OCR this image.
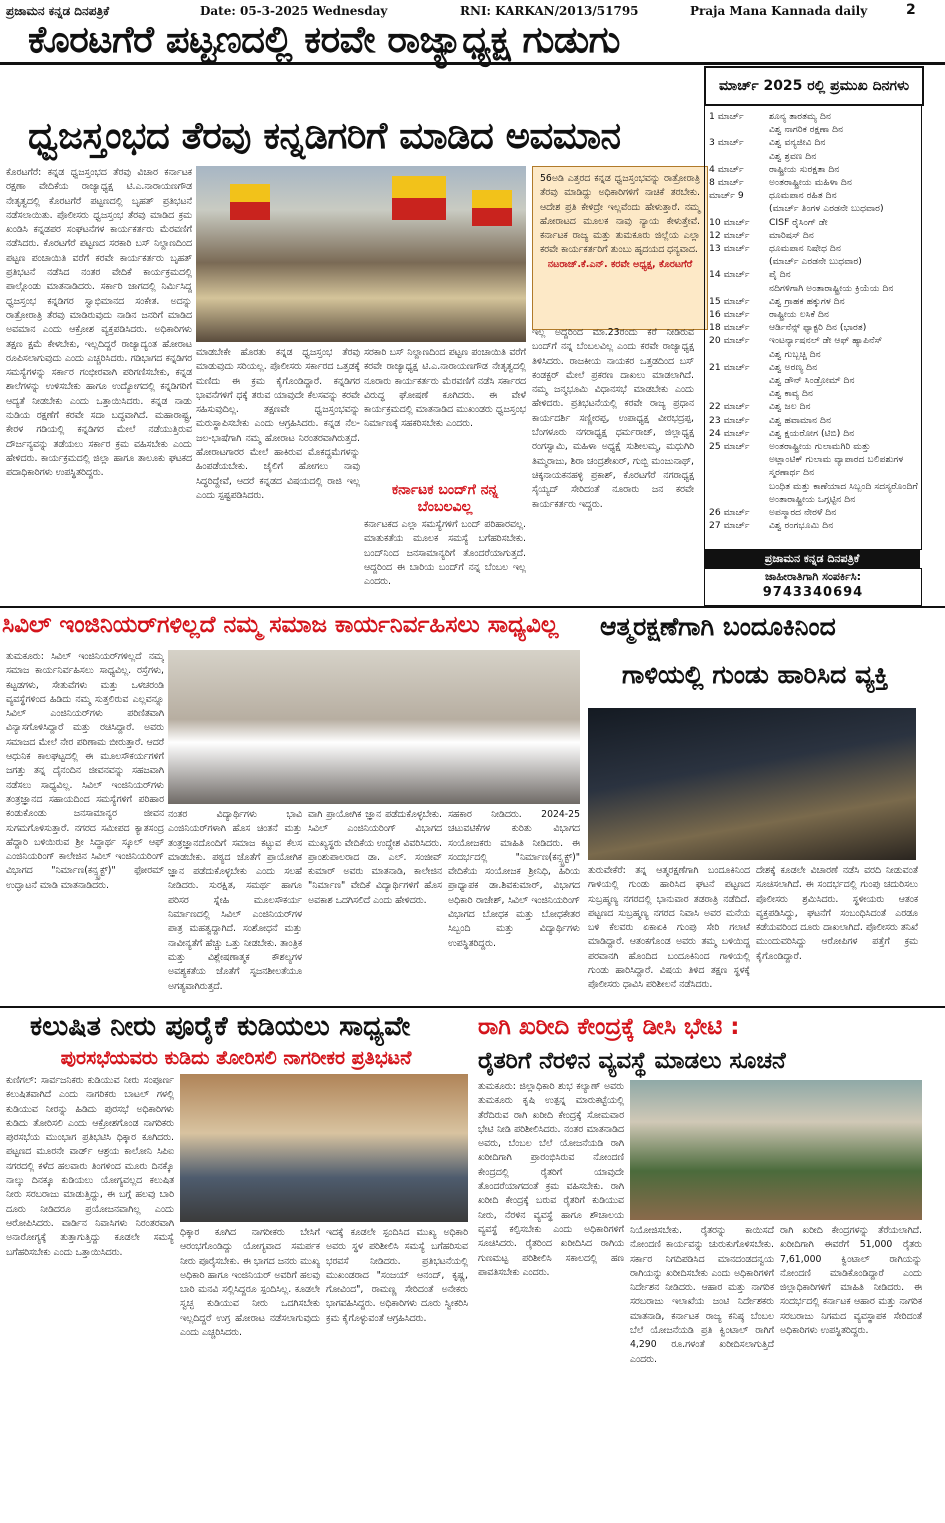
ಪ್ರಜಾಮನ ಕನ್ನಡ ದಿನಪತ್ರಿಕೆ	Date: 05-3-2025 Wednesday	RNI: KARKAN/2013/51795	Praja Mana Kannada daily	2
ಕೊರಟಗೆರೆ ಪಟ್ಟಣದಲ್ಲಿ ಕರವೇ ರಾಜ್ಯಾಧ್ಯಕ್ಷ ಗುಡುಗು
ಧ್ವಜಸ್ತಂಭದ ತೆರವು ಕನ್ನಡಿಗರಿಗೆ ಮಾಡಿದ ಅವಮಾನ
ಕೊರಟಗೆರೆ: ಕನ್ನಡ ಧ್ವಜಸ್ತಂಭದ ತೆರವು ವಿಚಾರ ಕರ್ನಾಟಕ ರಕ್ಷಣಾ ವೇದಿಕೆಯ ರಾಜ್ಯಾಧ್ಯಕ್ಷ ಟಿ.ಎ.ನಾರಾಯಣಗೌಡ ನೇತೃತ್ವದಲ್ಲಿ ಕೊರಟಗೆರೆ ಪಟ್ಟಣದಲ್ಲಿ ಬೃಹತ್ ಪ್ರತಿಭಟನೆ ನಡೆಸಲಾಯಿತು. ಪೊಲೀಸರು ಧ್ವಜಸ್ತಂಭ ತೆರವು ಮಾಡಿದ ಕ್ರಮ ಖಂಡಿಸಿ ಕನ್ನಡಪರ ಸಂಘಟನೆಗಳ ಕಾರ್ಯಕರ್ತರು ಮೆರವಣಿಗೆ ನಡೆಸಿದರು. ಕೊರಟಗೆರೆ ಪಟ್ಟಣದ ಸರಕಾರಿ ಬಸ್ ನಿಲ್ದಾಣದಿಂದ ಪಟ್ಟಣ ಪಂಚಾಯಿತಿ ವರೆಗೆ ಕರವೇ ಕಾರ್ಯಕರ್ತರು ಬೃಹತ್ ಪ್ರತಿಭಟನೆ ನಡೆಸಿದ ನಂತರ ವೇದಿಕೆ ಕಾರ್ಯಕ್ರಮದಲ್ಲಿ ಪಾಲ್ಗೊಂಡು ಮಾತನಾಡಿದರು. ಸರ್ಕಾರಿ ಜಾಗದಲ್ಲಿ ನಿರ್ಮಿಸಿದ್ದ ಧ್ವಜಸ್ತಂಭ ಕನ್ನಡಿಗರ ಸ್ವಾಭಿಮಾನದ ಸಂಕೇತ. ಅದನ್ನು ರಾತ್ರೋರಾತ್ರಿ ತೆರವು ಮಾಡಿರುವುದು ನಾಡಿನ ಜನರಿಗೆ ಮಾಡಿದ ಅವಮಾನ ಎಂದು ಆಕ್ರೋಶ ವ್ಯಕ್ತಪಡಿಸಿದರು. ಅಧಿಕಾರಿಗಳು ತಕ್ಷಣ ಕ್ಷಮೆ ಕೇಳಬೇಕು, ಇಲ್ಲದಿದ್ದರೆ ರಾಜ್ಯಾದ್ಯಂತ ಹೋರಾಟ ರೂಪಿಸಲಾಗುವುದು ಎಂದು ಎಚ್ಚರಿಸಿದರು. ಗಡಿಭಾಗದ ಕನ್ನಡಿಗರ ಸಮಸ್ಯೆಗಳನ್ನು ಸರ್ಕಾರ ಗಂಭೀರವಾಗಿ ಪರಿಗಣಿಸಬೇಕು, ಕನ್ನಡ ಶಾಲೆಗಳನ್ನು ಉಳಿಸಬೇಕು ಹಾಗೂ ಉದ್ಯೋಗದಲ್ಲಿ ಕನ್ನಡಿಗರಿಗೆ ಆದ್ಯತೆ ನೀಡಬೇಕು ಎಂದು ಒತ್ತಾಯಿಸಿದರು. ಕನ್ನಡ ನಾಡು ನುಡಿಯ ರಕ್ಷಣೆಗೆ ಕರವೇ ಸದಾ ಬದ್ಧವಾಗಿದೆ. ಮಹಾರಾಷ್ಟ್ರ, ಕೇರಳ ಗಡಿಯಲ್ಲಿ ಕನ್ನಡಿಗರ ಮೇಲೆ ನಡೆಯುತ್ತಿರುವ ದೌರ್ಜನ್ಯವನ್ನು ತಡೆಯಲು ಸರ್ಕಾರ ಕ್ರಮ ವಹಿಸಬೇಕು ಎಂದು ಹೇಳಿದರು. ಕಾರ್ಯಕ್ರಮದಲ್ಲಿ ಜಿಲ್ಲಾ ಹಾಗೂ ತಾಲೂಕು ಘಟಕದ ಪದಾಧಿಕಾರಿಗಳು ಉಪಸ್ಥಿತರಿದ್ದರು.
56ಅಡಿ ಎತ್ತರದ ಕನ್ನಡ ಧ್ವಜಸ್ತಂಭವನ್ನು ರಾತ್ರೋರಾತ್ರಿ ತೆರವು ಮಾಡಿದ್ದು ಅಧಿಕಾರಿಗಳಿಗೆ ನಾಚಿಕೆ ತರಬೇಕು. ಆದೇಶ ಪ್ರತಿ ಕೇಳಿದ್ರೇ ಇಲ್ಲವೆಂದು ಹೇಳುತ್ತಾರೆ. ನಮ್ಮ ಹೋರಾಟದ ಮೂಲಕ ನಾವು ನ್ಯಾಯ ಕೇಳುತ್ತೇವೆ. ಕರ್ನಾಟಕ ರಾಜ್ಯ ಮತ್ತು ತುಮಕೂರು ಜಿಲ್ಲೆಯ ಎಲ್ಲಾ ಕರವೇ ಕಾರ್ಯಕರ್ತರಿಗೆ ತುಂಬು ಹೃದಯದ ಧನ್ಯವಾದ.
ನಟರಾಜ್.ಕೆ.ಎನ್. ಕರವೇ ಅಧ್ಯಕ್ಷ, ಕೊರಟಗೆರೆ
ಮಾಡಬೇಕೇ ಹೊರತು ಕನ್ನಡ ಧ್ವಜಸ್ತಂಭ ತೆರವು ಮಾಡುವುದು ಸರಿಯಲ್ಲ. ಪೊಲೀಸರು ಸರ್ಕಾರದ ಒತ್ತಡಕ್ಕೆ ಮಣಿದು ಈ ಕ್ರಮ ಕೈಗೊಂಡಿದ್ದಾರೆ. ಕನ್ನಡಿಗರ ಭಾವನೆಗಳಿಗೆ ಧಕ್ಕೆ ತರುವ ಯಾವುದೇ ಕೆಲಸವನ್ನು ಕರವೇ ಸಹಿಸುವುದಿಲ್ಲ. ತಕ್ಷಣವೇ ಧ್ವಜಸ್ತಂಭವನ್ನು ಮರುಸ್ಥಾಪಿಸಬೇಕು ಎಂದು ಆಗ್ರಹಿಸಿದರು. ಕನ್ನಡ ನೆಲ-ಜಲ-ಭಾಷೆಗಾಗಿ ನಮ್ಮ ಹೋರಾಟ ನಿರಂತರವಾಗಿರುತ್ತದೆ. ಹೋರಾಟಗಾರರ ಮೇಲೆ ಹಾಕಿರುವ ಮೊಕದ್ದಮೆಗಳನ್ನು ಹಿಂಪಡೆಯಬೇಕು. ಜೈಲಿಗೆ ಹೋಗಲು ನಾವು ಸಿದ್ಧರಿದ್ದೇವೆ, ಆದರೆ ಕನ್ನಡದ ವಿಷಯದಲ್ಲಿ ರಾಜಿ ಇಲ್ಲ ಎಂದು ಸ್ಪಷ್ಟಪಡಿಸಿದರು.
ಸರಕಾರಿ ಬಸ್ ನಿಲ್ದಾಣದಿಂದ ಪಟ್ಟಣ ಪಂಚಾಯಿತಿ ವರೆಗೆ ಕರವೇ ರಾಜ್ಯಾಧ್ಯಕ್ಷ ಟಿ.ಎ.ನಾರಾಯಣಗೌಡ ನೇತೃತ್ವದಲ್ಲಿ ನೂರಾರು ಕಾರ್ಯಕರ್ತರು ಮೆರವಣಿಗೆ ನಡೆಸಿ ಸರ್ಕಾರದ ವಿರುದ್ಧ ಘೋಷಣೆ ಕೂಗಿದರು. ಈ ವೇಳೆ ಕಾರ್ಯಕ್ರಮದಲ್ಲಿ ಮಾತನಾಡಿದ ಮುಖಂಡರು ಧ್ವಜಸ್ತಂಭ ನಿರ್ಮಾಣಕ್ಕೆ ಸಹಕರಿಸಬೇಕು ಎಂದರು.
ಕರ್ನಾಟಕ ಬಂದ್‌ಗೆ ನನ್ನ ಬೆಂಬಲವಿಲ್ಲ
ಕರ್ನಾಟಕದ ಎಲ್ಲಾ ಸಮಸ್ಯೆಗಳಿಗೆ ಬಂದ್ ಪರಿಹಾರವಲ್ಲ. ಮಾತುಕತೆಯ ಮೂಲಕ ಸಮಸ್ಯೆ ಬಗೆಹರಿಸಬೇಕು. ಬಂದ್‌ನಿಂದ ಜನಸಾಮಾನ್ಯರಿಗೆ ತೊಂದರೆಯಾಗುತ್ತದೆ. ಆದ್ದರಿಂದ ಈ ಬಾರಿಯ ಬಂದ್‌ಗೆ ನನ್ನ ಬೆಂಬಲ ಇಲ್ಲ ಎಂದರು.
ಇಲ್ಲ ಅದ್ದರಿಂದ ಮಾ.23ರಂದು ಕರೆ ನೀಡಿರುವ ಬಂದ್‌ಗೆ ನನ್ನ ಬೆಂಬಲವಿಲ್ಲ ಎಂದು ಕರವೇ ರಾಜ್ಯಾಧ್ಯಕ್ಷ ತಿಳಿಸಿದರು. ರಾಜಕೀಯ ನಾಯಕರ ಒತ್ತಡದಿಂದ ಬಸ್ ಕಂಡಕ್ಟರ್ ಮೇಲೆ ಪ್ರಕರಣ ದಾಖಲು ಮಾಡಲಾಗಿದೆ. ನಮ್ಮ ಜನ್ಮಭೂಮಿ ವಿಧಾನಸಭೆ ಮಾಡಬೇಕು ಎಂದು ಹೇಳಿದರು. ಪ್ರತಿಭಟನೆಯಲ್ಲಿ ಕರವೇ ರಾಜ್ಯ ಪ್ರಧಾನ ಕಾರ್ಯದರ್ಶಿ ಸಣ್ಣೀರಪ್ಪ, ಉಪಾಧ್ಯಕ್ಷ ವೀರಭದ್ರಪ್ಪ, ಬೆಂಗಳೂರು ನಗರಾಧ್ಯಕ್ಷ ಧರ್ಮರಾಜ್, ಜಿಲ್ಲಾಧ್ಯಕ್ಷ ರಂಗಸ್ವಾಮಿ, ಮಹಿಳಾ ಅಧ್ಯಕ್ಷೆ ಸುಶೀಲಮ್ಮ, ಮಧುಗಿರಿ ತಿಮ್ಮರಾಜು, ಶಿರಾ ಚಂದ್ರಶೇಖರ್, ಗುಬ್ಬಿ ಮಂಜುನಾಥ್, ಚಿಕ್ಕನಾಯಕನಹಳ್ಳಿ ಪ್ರಕಾಶ್, ಕೊರಟಗೆರೆ ನಗರಾಧ್ಯಕ್ಷ ಸೈಯ್ಯದ್ ಸೇರಿದಂತೆ ನೂರಾರು ಜನ ಕರವೇ ಕಾರ್ಯಕರ್ತರು ಇದ್ದರು.
ಮಾರ್ಚ್ 2025 ರಲ್ಲಿ ಪ್ರಮುಖ ದಿನಗಳು
1 ಮಾರ್ಚ್	ಶೂನ್ಯ ತಾರತಮ್ಯ ದಿನ
ವಿಶ್ವ ನಾಗರಿಕ ರಕ್ಷಣಾ ದಿನ
3 ಮಾರ್ಚ್	ವಿಶ್ವ ವನ್ಯಜೀವಿ ದಿನ
ವಿಶ್ವ ಶ್ರವಣ ದಿನ
4 ಮಾರ್ಚ್	ರಾಷ್ಟ್ರೀಯ ಸುರಕ್ಷತಾ ದಿನ
8 ಮಾರ್ಚ್	ಅಂತರಾಷ್ಟ್ರೀಯ ಮಹಿಳಾ ದಿನ
ಮಾರ್ಚ್ 9	ಧೂಮಪಾನ ರಹಿತ ದಿನ
(ಮಾರ್ಚ್ ತಿಂಗಳ ಎರಡನೇ ಬುಧವಾರ)
10 ಮಾರ್ಚ್	CISF ರೈಸಿಂಗ್ ಡೇ
12 ಮಾರ್ಚ್	ಮಾರಿಷಸ್ ದಿನ
13 ಮಾರ್ಚ್	ಧೂಮಪಾನ ನಿಷೇಧ ದಿನ
(ಮಾರ್ಚ್ ಎರಡನೇ ಬುಧವಾರ)
14 ಮಾರ್ಚ್	ಪೈ ದಿನ
ನದಿಗಳಿಗಾಗಿ ಅಂತಾರಾಷ್ಟ್ರೀಯ ಕ್ರಿಯೆಯ ದಿನ
15 ಮಾರ್ಚ್	ವಿಶ್ವ ಗ್ರಾಹಕ ಹಕ್ಕುಗಳ ದಿನ
16 ಮಾರ್ಚ್	ರಾಷ್ಟ್ರೀಯ ಲಸಿಕೆ ದಿನ
18 ಮಾರ್ಚ್	ಆರ್ಡಿನೆನ್ಸ್ ಫ್ಯಾಕ್ಟರಿ ದಿನ (ಭಾರತ)
20 ಮಾರ್ಚ್	ಇಂಟರ್ನ್ಯಾಷನಲ್ ಡೇ ಆಫ್ ಹ್ಯಾಪಿನೆಸ್
ವಿಶ್ವ ಗುಬ್ಬಚ್ಚಿ ದಿನ
21 ಮಾರ್ಚ್	ವಿಶ್ವ ಅರಣ್ಯ ದಿನ
ವಿಶ್ವ ಡೌನ್ ಸಿಂಡ್ರೋಮ್ ದಿನ
ವಿಶ್ವ ಕಾವ್ಯ ದಿನ
22 ಮಾರ್ಚ್	ವಿಶ್ವ ಜಲ ದಿನ
23 ಮಾರ್ಚ್	ವಿಶ್ವ ಹವಾಮಾನ ದಿನ
24 ಮಾರ್ಚ್	ವಿಶ್ವ ಕ್ಷಯರೋಗ (ಟಿಬಿ) ದಿನ
25 ಮಾರ್ಚ್	ಅಂತರಾಷ್ಟ್ರೀಯ ಗುಲಾಮಗಿರಿ ಮತ್ತು
ಅಟ್ಲಾಂಟಿಕ್ ಗುಲಾಮ ವ್ಯಾಪಾರದ ಬಲಿಪಶುಗಳ
ಸ್ಮರಣಾರ್ಥ ದಿನ
ಬಂಧಿತ ಮತ್ತು ಕಾಣೆಯಾದ ಸಿಬ್ಬಂದಿ ಸದಸ್ಯರೊಂದಿಗೆ
ಅಂತಾರಾಷ್ಟ್ರೀಯ ಒಗ್ಗಟ್ಟಿನ ದಿನ
26 ಮಾರ್ಚ್	ಅಪಸ್ಮಾರದ ನೇರಳೆ ದಿನ
27 ಮಾರ್ಚ್	ವಿಶ್ವ ರಂಗಭೂಮಿ ದಿನ
ಪ್ರಜಾಮನ ಕನ್ನಡ ದಿನಪತ್ರಿಕೆ
ಜಾಹೀರಾತಿಗಾಗಿ ಸಂಪರ್ಕಿಸಿ:
9743340694
ಸಿವಿಲ್ ಇಂಜಿನಿಯರ್‌ಗಳಿಲ್ಲದೆ ನಮ್ಮ ಸಮಾಜ ಕಾರ್ಯನಿರ್ವಹಿಸಲು ಸಾಧ್ಯವಿಲ್ಲ
ತುಮಕೂರು: ಸಿವಿಲ್ ಇಂಜಿನಿಯರ್‌ಗಳಿಲ್ಲದೆ ನಮ್ಮ ಸಮಾಜ ಕಾರ್ಯನಿರ್ವಹಿಸಲು ಸಾಧ್ಯವಿಲ್ಲ. ರಸ್ತೆಗಳು, ಕಟ್ಟಡಗಳು, ಸೇತುವೆಗಳು ಮತ್ತು ಒಳಚರಂಡಿ ವ್ಯವಸ್ಥೆಗಳಿಂದ ಹಿಡಿದು ನಮ್ಮ ಸುತ್ತಲಿರುವ ಎಲ್ಲವನ್ನೂ ಸಿವಿಲ್ ಎಂಜಿನಿಯರ್‌ಗಳು ಪರಿಣಿತವಾಗಿ ವಿನ್ಯಾಸಗೊಳಿಸಿದ್ದಾರೆ ಮತ್ತು ರಚಿಸಿದ್ದಾರೆ. ಅವರು ಸಮಾಜದ ಮೇಲೆ ನೇರ ಪರಿಣಾಮ ಬೀರುತ್ತಾರೆ. ಆದರೆ ಆಧುನಿಕ ಕಾಲಘಟ್ಟದಲ್ಲಿ ಈ ಮೂಲಸೌಕರ್ಯಗಳಿಗೆ ಜಗತ್ತು ತನ್ನ ದೈನಂದಿನ ಜೀವನವನ್ನು ಸಹಜವಾಗಿ ನಡೆಸಲು ಸಾಧ್ಯವಿಲ್ಲ. ಸಿವಿಲ್ ಇಂಜಿನಿಯರ್‌ಗಳು ತಂತ್ರಜ್ಞಾನದ ಸಹಾಯದಿಂದ ಸಮಸ್ಯೆಗಳಿಗೆ ಪರಿಹಾರ ಕಂಡುಕೊಂಡು ಜನಸಾಮಾನ್ಯರ ಜೀವನ ಸುಗಮಗೊಳಿಸುತ್ತಾರೆ. ನಗರದ ಸಮೀಪದ ಕ್ಯಾತಸಂದ್ರ ಹೆದ್ದಾರಿ ಬಳಿಯಿರುವ ಶ್ರೀ ಸಿದ್ಧಾರ್ಥ ಸ್ಕೂಲ್ ಆಫ್ ಎಂಜಿನಿಯರಿಂಗ್ ಕಾಲೇಜಿನ ಸಿವಿಲ್ ಇಂಜಿನಿಯರಿಂಗ್ ವಿಭಾಗದ "ನಿರ್ಮಾಣ(ಕನ್ಸ್ಟ್ರಕ್ಟ್)" ಫೋರಮ್ ಉದ್ಘಾಟನೆ ಮಾಡಿ ಮಾತನಾಡಿದರು.
ನಂತರ ವಿದ್ಯಾರ್ಥಿಗಳು ಭಾವಿ ಎಂಜಿನಿಯರ್‌ಗಳಾಗಿ ಹೊಸ ಚಿಂತನೆ ಮತ್ತು ತಂತ್ರಜ್ಞಾನದೊಂದಿಗೆ ಸಮಾಜ ಕಟ್ಟುವ ಕೆಲಸ ಮಾಡಬೇಕು. ಪಠ್ಯದ ಜೊತೆಗೆ ಪ್ರಾಯೋಗಿಕ ಜ್ಞಾನ ಪಡೆದುಕೊಳ್ಳಬೇಕು ಎಂದು ಸಲಹೆ ನೀಡಿದರು. ಸುರಕ್ಷಿತ, ಸಮರ್ಥ ಹಾಗೂ ಪರಿಸರ ಸ್ನೇಹಿ ಮೂಲಸೌಕರ್ಯ ನಿರ್ಮಾಣದಲ್ಲಿ ಸಿವಿಲ್ ಎಂಜಿನಿಯರ್‌ಗಳ ಪಾತ್ರ ಮಹತ್ವದ್ದಾಗಿದೆ. ಸಂಶೋಧನೆ ಮತ್ತು ನಾವೀನ್ಯತೆಗೆ ಹೆಚ್ಚು ಒತ್ತು ನೀಡಬೇಕು. ತಾಂತ್ರಿಕ ಮತ್ತು ವಿಶ್ಲೇಷಣಾತ್ಮಕ ಕೌಶಲ್ಯಗಳ ಅವಶ್ಯಕತೆಯ ಜೊತೆಗೆ ಸೃಜನಶೀಲತೆಯೂ ಅಗತ್ಯವಾಗಿರುತ್ತದೆ.
ವಾಗಿ ಪ್ರಾಯೋಗಿಕ ಜ್ಞಾನ ಪಡೆದುಕೊಳ್ಳಬೇಕು. ಸಿವಿಲ್ ಎಂಜಿನಿಯರಿಂಗ್ ವಿಭಾಗದ ಮುಖ್ಯಸ್ಥರು ವೇದಿಕೆಯ ಉದ್ದೇಶ ವಿವರಿಸಿದರು. ಪ್ರಾಂಶುಪಾಲರಾದ ಡಾ. ಎಲ್. ಸಂಜೀವ್ ಕುಮಾರ್ ಅವರು ಮಾತನಾಡಿ, ಕಾಲೇಜಿನ "ನಿರ್ಮಾಣ" ವೇದಿಕೆ ವಿದ್ಯಾರ್ಥಿಗಳಿಗೆ ಹೊಸ ಅವಕಾಶ ಒದಗಿಸಲಿದೆ ಎಂದು ಹೇಳಿದರು.
ಸಹಕಾರ ನೀಡಿದರು. 2024-25 ಚಟುವಟಿಕೆಗಳ ಕುರಿತು ವಿಭಾಗದ ಸಂಯೋಜಕರು ಮಾಹಿತಿ ನೀಡಿದರು. ಈ ಸಂದರ್ಭದಲ್ಲಿ "ನಿರ್ಮಾಣ(ಕನ್ಸ್ಟ್ರಕ್ಟ್)" ವೇದಿಕೆಯ ಸಂಯೋಜಕ ಶ್ರೀನಿಧಿ, ಹಿರಿಯ ಪ್ರಾಧ್ಯಾಪಕ ಡಾ.ಶಿವಕುಮಾರ್, ವಿಭಾಗದ ಅಧಿಕಾರಿ ರಾಜೇಶ್, ಸಿವಿಲ್ ಇಂಜಿನಿಯರಿಂಗ್ ವಿಭಾಗದ ಬೋಧಕ ಮತ್ತು ಬೋಧಕೇತರ ಸಿಬ್ಬಂದಿ ಮತ್ತು ವಿದ್ಯಾರ್ಥಿಗಳು ಉಪಸ್ಥಿತರಿದ್ದರು.
ಆತ್ಮರಕ್ಷಣೆಗಾಗಿ ಬಂದೂಕಿನಿಂದ
ಗಾಳಿಯಲ್ಲಿ ಗುಂಡು ಹಾರಿಸಿದ ವ್ಯಕ್ತಿ
ತುರುವೇಕೆರೆ: ತನ್ನ ಆತ್ಮರಕ್ಷಣೆಗಾಗಿ ಬಂದೂಕಿನಿಂದ ಗಾಳಿಯಲ್ಲಿ ಗುಂಡು ಹಾರಿಸಿದ ಘಟನೆ ಪಟ್ಟಣದ ಸುಬ್ರಹ್ಮಣ್ಯ ನಗರದಲ್ಲಿ ಭಾನುವಾರ ತಡರಾತ್ರಿ ನಡೆದಿದೆ. ಪಟ್ಟಣದ ಸುಬ್ರಹ್ಮಣ್ಯ ನಗರದ ನಿವಾಸಿ ಅವರ ಮನೆಯ ಬಳಿ ಕೆಲವರು ಏಕಾಏಕಿ ಗುಂಪು ಸೇರಿ ಗಲಾಟೆ ಮಾಡಿದ್ದಾರೆ. ಆತಂಕಗೊಂಡ ಅವರು ತಮ್ಮ ಬಳಿಯಿದ್ದ ಪರವಾನಗಿ ಹೊಂದಿದ ಬಂದೂಕಿನಿಂದ ಗಾಳಿಯಲ್ಲಿ ಗುಂಡು ಹಾರಿಸಿದ್ದಾರೆ. ವಿಷಯ ತಿಳಿದ ತಕ್ಷಣ ಸ್ಥಳಕ್ಕೆ ಪೊಲೀಸರು ಧಾವಿಸಿ ಪರಿಶೀಲನೆ ನಡೆಸಿದರು.
ದೇಶಕ್ಕೆ ಕೂಡಲೇ ವಿಚಾರಣೆ ನಡೆಸಿ ವರದಿ ನೀಡುವಂತೆ ಸೂಚಿಸಲಾಗಿದೆ. ಈ ಸಂದರ್ಭದಲ್ಲಿ ಗುಂಪು ಚದುರಿಸಲು ಪೊಲೀಸರು ಶ್ರಮಿಸಿದರು. ಸ್ಥಳೀಯರು ಆತಂಕ ವ್ಯಕ್ತಪಡಿಸಿದ್ದು, ಘಟನೆಗೆ ಸಂಬಂಧಿಸಿದಂತೆ ಎರಡೂ ಕಡೆಯವರಿಂದ ದೂರು ದಾಖಲಾಗಿದೆ. ಪೊಲೀಸರು ತನಿಖೆ ಮುಂದುವರಿಸಿದ್ದು ಆರೋಪಿಗಳ ಪತ್ತೆಗೆ ಕ್ರಮ ಕೈಗೊಂಡಿದ್ದಾರೆ.
ಕಲುಷಿತ ನೀರು ಪೂರೈಕೆ ಕುಡಿಯಲು ಸಾಧ್ಯವೇ
ಪುರಸಭೆಯವರು ಕುಡಿದು ತೋರಿಸಲಿ ನಾಗರೀಕರ ಪ್ರತಿಭಟನೆ
ಕುಣಿಗಲ್: ಸಾರ್ವಜನಿಕರು ಕುಡಿಯುವ ನೀರು ಸಂಪೂರ್ಣ ಕಲುಷಿತವಾಗಿದೆ ಎಂದು ನಾಗರಿಕರು ಬಾಟಲ್ ಗಳಲ್ಲಿ ಕುಡಿಯುವ ನೀರನ್ನು ಹಿಡಿದು ಪುರಸಭೆ ಅಧಿಕಾರಿಗಳು ಕುಡಿದು ತೋರಿಸಲಿ ಎಂದು ಆಕ್ರೋಶಗೊಂಡ ನಾಗರಿಕರು ಪುರಸಭೆಯ ಮುಂಭಾಗ ಪ್ರತಿಭಟಿಸಿ ಧಿಕ್ಕಾರ ಕೂಗಿದರು. ಪಟ್ಟಣದ ಮೂರನೇ ವಾರ್ಡ್ ಆಶ್ರಯ ಕಾಲೋನಿ ಸಿಪಿಐ ನಗರದಲ್ಲಿ ಕಳೆದ ಹಲವಾರು ತಿಂಗಳಿಂದ ಮೂರು ದಿನಕ್ಕೊ ನಾಲ್ಕು ದಿನಕ್ಕೂ ಕುಡಿಯಲು ಯೋಗ್ಯವಲ್ಲದ ಕಲುಷಿತ ನೀರು ಸರಬರಾಜು ಮಾಡುತ್ತಿದ್ದು, ಈ ಬಗ್ಗೆ ಹಲವು ಬಾರಿ ದೂರು ನೀಡಿದರೂ ಪ್ರಯೋಜನವಾಗಿಲ್ಲ ಎಂದು ಆರೋಪಿಸಿದರು. ವಾರ್ಡಿನ ನಿವಾಸಿಗಳು ನಿರಂತರವಾಗಿ ಅನಾರೋಗ್ಯಕ್ಕೆ ತುತ್ತಾಗುತ್ತಿದ್ದು ಕೂಡಲೇ ಸಮಸ್ಯೆ ಬಗೆಹರಿಸಬೇಕು ಎಂದು ಒತ್ತಾಯಿಸಿದರು.
ಧಿಕ್ಕಾರ ಕೂಗಿದ ನಾಗರೀಕರು ಬೇಸಿಗೆ ಆರಂಭಗೊಂಡಿದ್ದು ಯೋಗ್ಯವಾದ ಸಮರ್ಪಕ ನೀರು ಪೂರೈಸಬೇಕು. ಈ ಭಾಗದ ಜನರು ಮುಖ್ಯ ಅಧಿಕಾರಿ ಹಾಗೂ ಇಂಜಿನಿಯರ್ ಅವರಿಗೆ ಹಲವು ಬಾರಿ ಮನವಿ ಸಲ್ಲಿಸಿದ್ದರೂ ಸ್ಪಂದಿಸಿಲ್ಲ. ಕೂಡಲೇ ಸ್ವಚ್ಛ ಕುಡಿಯುವ ನೀರು ಒದಗಿಸಬೇಕು ಇಲ್ಲದಿದ್ದರೆ ಉಗ್ರ ಹೋರಾಟ ನಡೆಸಲಾಗುವುದು ಎಂದು ಎಚ್ಚರಿಸಿದರು.
ಇದಕ್ಕೆ ಕೂಡಲೇ ಸ್ಪಂದಿಸಿದ ಮುಖ್ಯ ಅಧಿಕಾರಿ ಅವರು ಸ್ಥಳ ಪರಿಶೀಲಿಸಿ ಸಮಸ್ಯೆ ಬಗೆಹರಿಸುವ ಭರವಸೆ ನೀಡಿದರು. ಪ್ರತಿಭಟನೆಯಲ್ಲಿ ಮುಖಂಡರಾದ "ಸಂಜಯ್ ಆನಂದ್, ಕೃಷ್ಣ, ಗೋವಿಂದ", ರಾಮಣ್ಣ ಸೇರಿದಂತೆ ಅನೇಕರು ಭಾಗವಹಿಸಿದ್ದರು. ಅಧಿಕಾರಿಗಳು ದೂರು ಸ್ವೀಕರಿಸಿ ಕ್ರಮ ಕೈಗೊಳ್ಳುವಂತೆ ಆಗ್ರಹಿಸಿದರು.
ರಾಗಿ ಖರೀದಿ ಕೇಂದ್ರಕ್ಕೆ ಡೀಸಿ ಭೇಟಿ :
ರೈತರಿಗೆ ನೆರಳಿನ ವ್ಯವಸ್ಥೆ ಮಾಡಲು ಸೂಚನೆ
ತುಮಕೂರು: ಜಿಲ್ಲಾಧಿಕಾರಿ ಶುಭ ಕಲ್ಯಾಣ್ ಅವರು ತುಮಕೂರು ಕೃಷಿ ಉತ್ಪನ್ನ ಮಾರುಕಟ್ಟೆಯಲ್ಲಿ ತೆರೆದಿರುವ ರಾಗಿ ಖರೀದಿ ಕೇಂದ್ರಕ್ಕೆ ಸೋಮವಾರ ಭೇಟಿ ನೀಡಿ ಪರಿಶೀಲಿಸಿದರು. ನಂತರ ಮಾತನಾಡಿದ ಅವರು, ಬೆಂಬಲ ಬೆಲೆ ಯೋಜನೆಯಡಿ ರಾಗಿ ಖರೀದಿಗಾಗಿ ಪ್ರಾರಂಭಿಸಿರುವ ನೋಂದಣಿ ಕೇಂದ್ರದಲ್ಲಿ ರೈತರಿಗೆ ಯಾವುದೇ ತೊಂದರೆಯಾಗದಂತೆ ಕ್ರಮ ವಹಿಸಬೇಕು. ರಾಗಿ ಖರೀದಿ ಕೇಂದ್ರಕ್ಕೆ ಬರುವ ರೈತರಿಗೆ ಕುಡಿಯುವ ನೀರು, ನೆರಳಿನ ವ್ಯವಸ್ಥೆ ಹಾಗೂ ಶೌಚಾಲಯ ವ್ಯವಸ್ಥೆ ಕಲ್ಪಿಸಬೇಕು ಎಂದು ಅಧಿಕಾರಿಗಳಿಗೆ ಸೂಚಿಸಿದರು. ರೈತರಿಂದ ಖರೀದಿಸಿದ ರಾಗಿಯ ಗುಣಮಟ್ಟ ಪರಿಶೀಲಿಸಿ ಸಕಾಲದಲ್ಲಿ ಹಣ ಪಾವತಿಸಬೇಕು ಎಂದರು.
ನಿಯೋಜಿಸಬೇಕು. ರೈತರನ್ನು ಕಾಯಿಸದೆ ನೋಂದಣಿ ಕಾರ್ಯವನ್ನು ಚುರುಕುಗೊಳಿಸಬೇಕು. ಸರ್ಕಾರ ನಿಗದಿಪಡಿಸಿದ ಮಾನದಂಡದನ್ವಯ ರಾಗಿಯನ್ನು ಖರೀದಿಸಬೇಕು ಎಂದು ಅಧಿಕಾರಿಗಳಿಗೆ ನಿರ್ದೇಶನ ನೀಡಿದರು. ಆಹಾರ ಮತ್ತು ನಾಗರಿಕ ಸರಬರಾಜು ಇಲಾಖೆಯ ಜಂಟಿ ನಿರ್ದೇಶಕರು ಮಾತನಾಡಿ, ಕರ್ನಾಟಕ ರಾಜ್ಯ ಕನಿಷ್ಠ ಬೆಂಬಲ ಬೆಲೆ ಯೋಜನೆಯಡಿ ಪ್ರತಿ ಕ್ವಿಂಟಾಲ್ ರಾಗಿಗೆ 4,290 ರೂ.ಗಳಂತೆ ಖರೀದಿಸಲಾಗುತ್ತಿದೆ ಎಂದರು.
ರಾಗಿ ಖರೀದಿ ಕೇಂದ್ರಗಳನ್ನು ತೆರೆಯಲಾಗಿದೆ. ಖರೀದಿಗಾಗಿ ಈವರೆಗೆ 51,000 ರೈತರು 7,61,000 ಕ್ವಿಂಟಾಲ್ ರಾಗಿಯನ್ನು ನೋಂದಣಿ ಮಾಡಿಕೊಂಡಿದ್ದಾರೆ ಎಂದು ಜಿಲ್ಲಾಧಿಕಾರಿಗಳಿಗೆ ಮಾಹಿತಿ ನೀಡಿದರು. ಈ ಸಂದರ್ಭದಲ್ಲಿ ಕರ್ನಾಟಕ ಆಹಾರ ಮತ್ತು ನಾಗರಿಕ ಸರಬರಾಜು ನಿಗಮದ ವ್ಯವಸ್ಥಾಪಕ ಸೇರಿದಂತೆ ಅಧಿಕಾರಿಗಳು ಉಪಸ್ಥಿತರಿದ್ದರು.
